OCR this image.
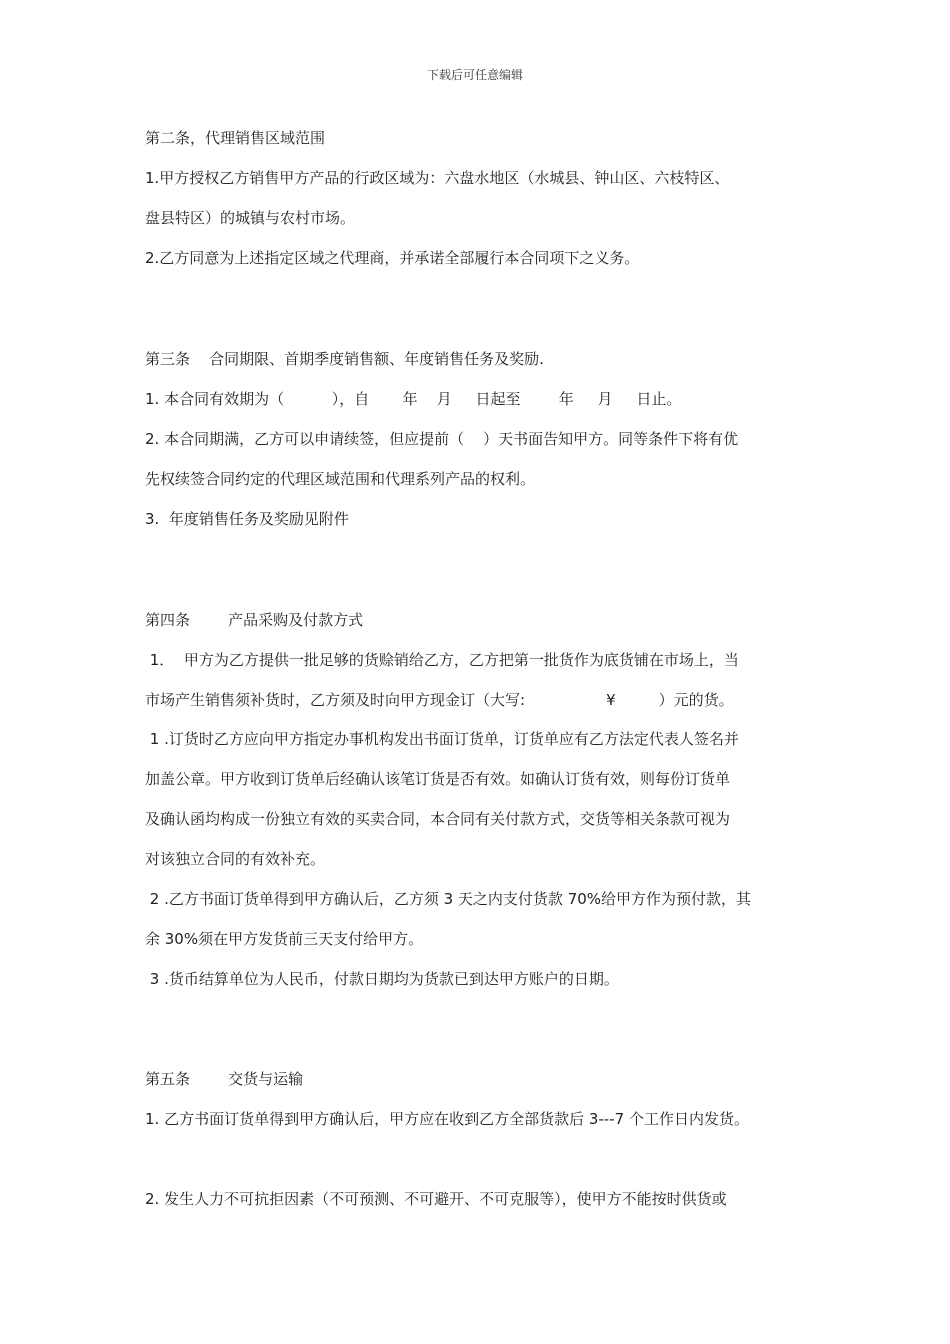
下载后可任意编辑
第二条，代理销售区域范围
1.甲方授权乙方销售甲方产品的行政区域为：六盘水地区（水城县、钟山区、六枝特区、
盘县特区）的城镇与农村市场。
2.乙方同意为上述指定区域之代理商，并承诺全部履行本合同项下之义务。
第三条    合同期限、首期季度销售额、年度销售任务及奖励.
1. 本合同有效期为（          ），自       年    月     日起至        年     月     日止。
2. 本合同期满，乙方可以申请续签，但应提前（    ）天书面告知甲方。同等条件下将有优
先权续签合同约定的代理区域范围和代理系列产品的权利。
3.  年度销售任务及奖励见附件
第四条        产品采购及付款方式
1．  甲方为乙方提供一批足够的货赊销给乙方，乙方把第一批货作为底货铺在市场上，当
市场产生销售须补货时，乙方须及时向甲方现金订（大写:                 ¥         ）元的货。
1 .订货时乙方应向甲方指定办事机构发出书面订货单，订货单应有乙方法定代表人签名并
加盖公章。甲方收到订货单后经确认该笔订货是否有效。如确认订货有效，则每份订货单
及确认函均构成一份独立有效的买卖合同，本合同有关付款方式，交货等相关条款可视为
对该独立合同的有效补充。
2 .乙方书面订货单得到甲方确认后，乙方须 3 天之内支付货款 70%给甲方作为预付款，其
余 30%须在甲方发货前三天支付给甲方。
3 .货币结算单位为人民币，付款日期均为货款已到达甲方账户的日期。
第五条        交货与运输
1. 乙方书面订货单得到甲方确认后，甲方应在收到乙方全部货款后 3---7 个工作日内发货。
2. 发生人力不可抗拒因素（不可预测、不可避开、不可克服等），使甲方不能按时供货或
